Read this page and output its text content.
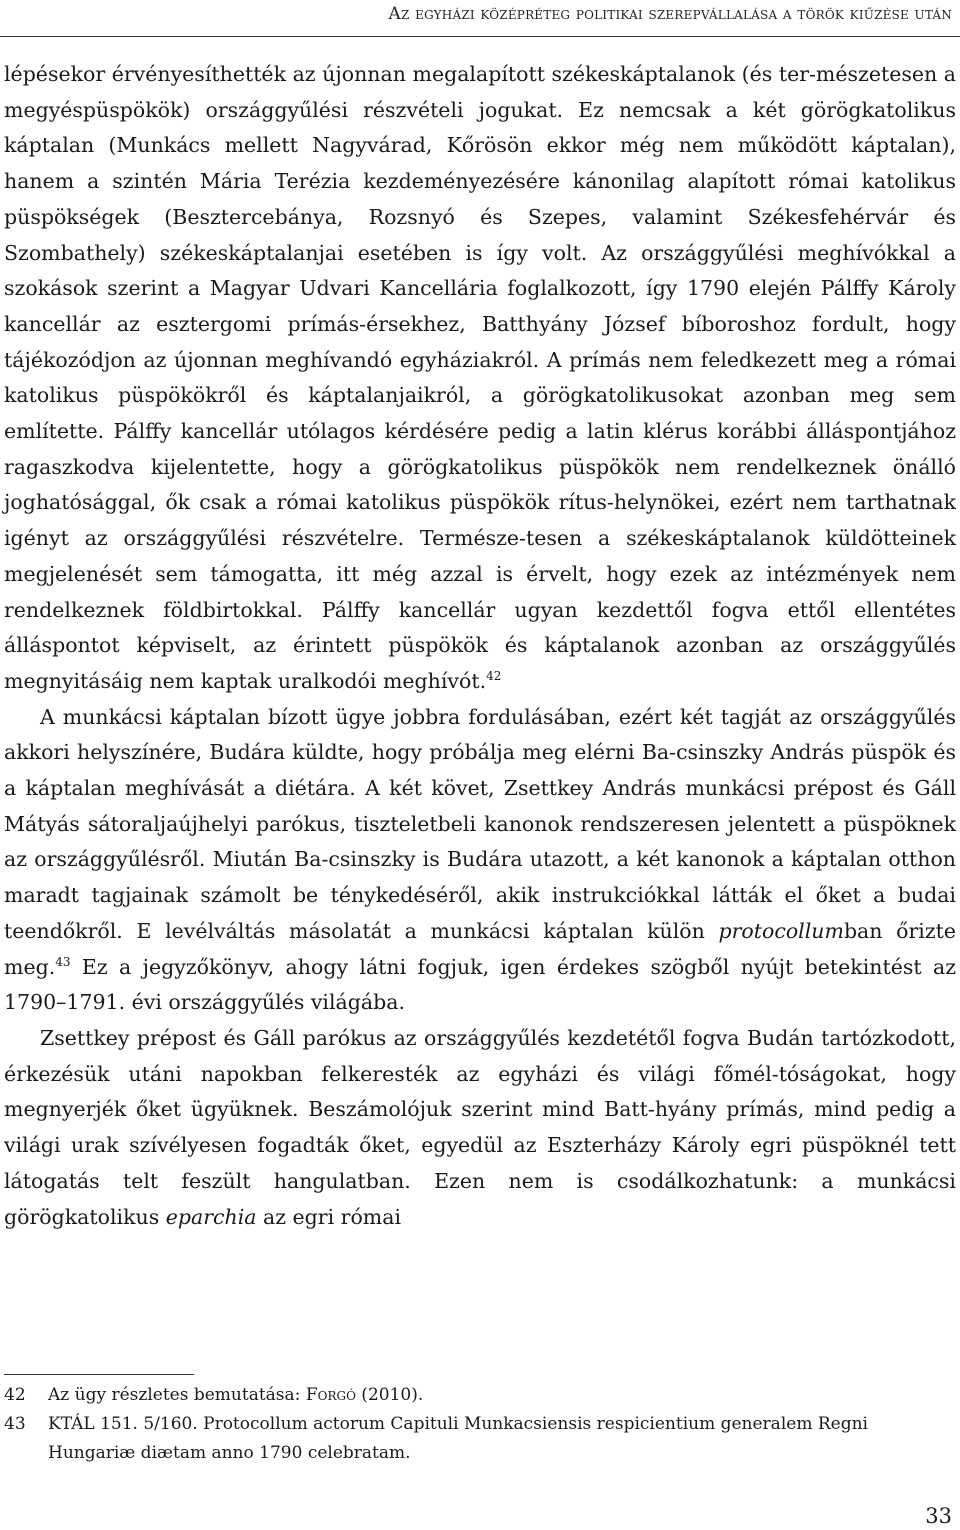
Az egyházi középréteg politikai szerepvállalása a török kiűzése után

lépésekor érvényesíthették az újonnan megalapított székeskáptalanok (és ter-mészetesen a megyéspüspökök) országgyűlési részvételi jogukat. Ez nemcsak a két görögkatolikus káptalan (Munkács mellett Nagyvárad, Kőrösön ekkor még nem működött káptalan), hanem a szintén Mária Terézia kezdeményezésére kánonilag alapított római katolikus püspökségek (Besztercebánya, Rozsnyó és Szepes, valamint Székesfehérvár és Szombathely) székeskáptalanjai esetében is így volt. Az országgyűlési meghívókkal a szokások szerint a Magyar Udvari Kancellária foglalkozott, így 1790 elején Pálffy Károly kancellár az esztergomi prímás-érsekhez, Batthyány József bíboroshoz fordult, hogy tájékozódjon az újonnan meghívandó egyháziakról. A prímás nem feledkezett meg a római katolikus püspökökről és káptalanjaikról, a görögkatolikusokat azonban meg sem említette. Pálffy kancellár utólagos kérdésére pedig a latin klérus korábbi álláspontjához ragaszkodva kijelentette, hogy a görögkatolikus püspökök nem rendelkeznek önálló joghatósággal, ők csak a római katolikus püspökök rítus-helynökei, ezért nem tarthatnak igényt az országgyűlési részvételre. Természe-tesen a székeskáptalanok küldötteinek megjelenését sem támogatta, itt még azzal is érvelt, hogy ezek az intézmények nem rendelkeznek földbirtokkal. Pálffy kancellár ugyan kezdettől fogva ettől ellentétes álláspontot képviselt, az érintett püspökök és káptalanok azonban az országgyűlés megnyitásáig nem kaptak uralkodói meghívót.$^{42}$

A munkácsi káptalan bízott ügye jobbra fordulásában, ezért két tagját az országgyűlés akkori helyszínére, Budára küldte, hogy próbálja meg elérni Ba-csinszky András püspök és a káptalan meghívását a diétára. A két követ, Zsettkey András munkácsi prépost és Gáll Mátyás sátoraljaújhelyi parókus, tiszteletbeli kanonok rendszeresen jelentett a püspöknek az országgyűlésről. Miután Ba-csinszky is Budára utazott, a két kanonok a káptalan otthon maradt tagjainak számolt be ténykedéséről, akik instrukciókkal látták el őket a budai teendőkről. E levélváltás másolatát a munkácsi káptalan külön protocollumban őrizte meg.$^{43}$ Ez a jegyzőkönyv, ahogy látni fogjuk, igen érdekes szögből nyújt betekintést az 1790–1791. évi országgyűlés világába.

Zsettkey prépost és Gáll parókus az országgyűlés kezdetétől fogva Budán tartózkodott, érkezésük utáni napokban felkeresték az egyházi és világi főmél-tóságokat, hogy megnyerjék őket ügyüknek. Beszámolójuk szerint mind Batt-hyány prímás, mind pedig a világi urak szívélyesen fogadták őket, egyedül az Eszterházy Károly egri püspöknél tett látogatás telt feszült hangulatban. Ezen nem is csodálkozhatunk: a munkácsi görögkatolikus eparchia az egri római

42	Az ügy részletes bemutatása: Forgó (2010).
43	KTÁL 151. 5/160. Protocollum actorum Capituli Munkacsiensis respicientium generalem Regni Hungariæ diætam anno 1790 celebratam.
33
